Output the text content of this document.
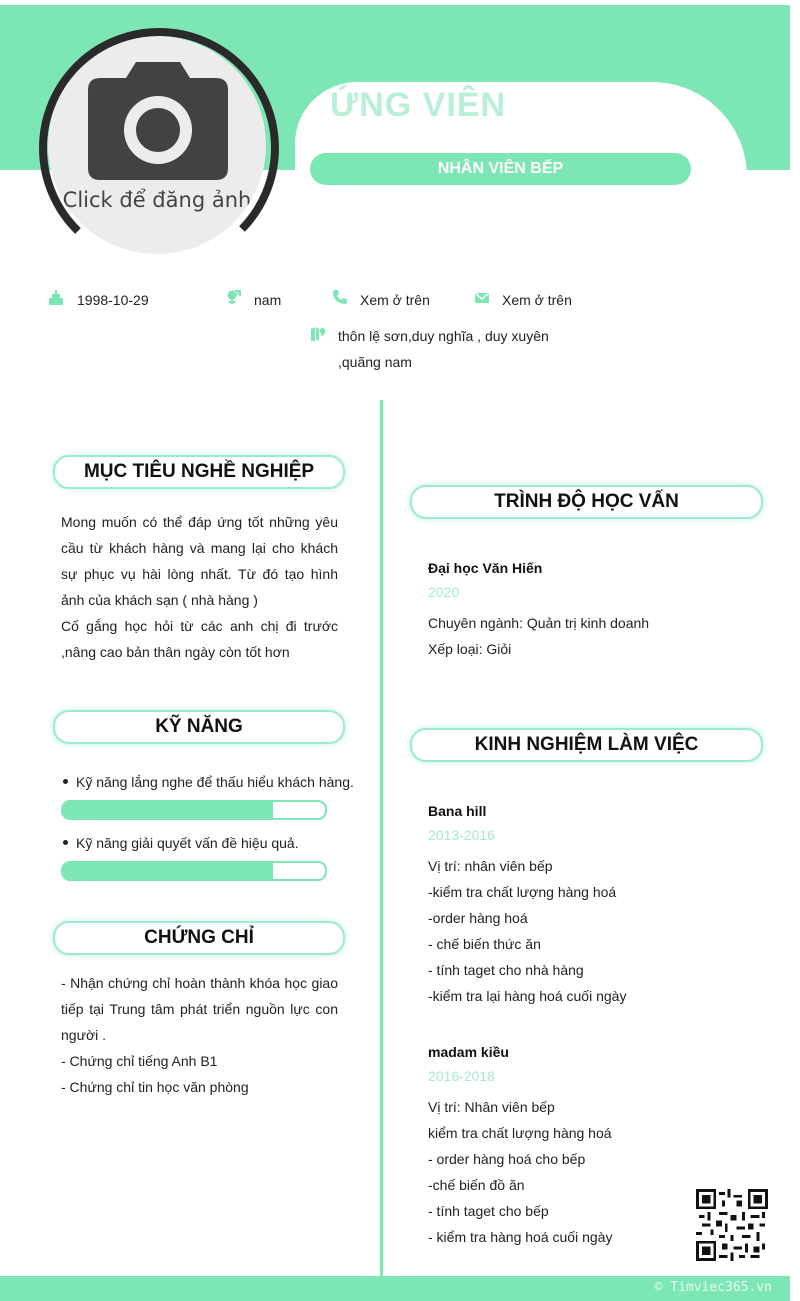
Click để đăng ảnh
ỨNG VIÊN
NHÂN VIÊN BẾP
1998-10-29	nam	Xem ở trên	Xem ở trên
thôn lệ sơn,duy nghĩa , duy xuyên
,quãng nam
MỤC TIÊU NGHỀ NGHIỆP

Mong muốn có thể đáp ứng tốt những yêu cầu từ khách hàng và mang lại cho khách sự phục vụ hài lòng nhất. Từ đó tạo hình ảnh của khách sạn ( nhà hàng )

Cố gắng học hỏi từ các anh chị đi trước ,nâng cao bản thân ngày còn tốt hơn

KỸ NĂNG
Kỹ năng lắng nghe để thấu hiểu khách hàng.
Kỹ năng giải quyết vấn đề hiệu quả.
CHỨNG CHỈ

- Nhận chứng chỉ hoàn thành khóa học giao tiếp tại Trung tâm phát triển nguồn lực con người .

- Chứng chỉ tiếng Anh B1

- Chứng chỉ tin học văn phòng

TRÌNH ĐỘ HỌC VẤN
Đại học Văn Hiến
2020

Chuyên ngành: Quản trị kinh doanh

Xếp loại: Giỏi

KINH NGHIỆM LÀM VIỆC
Bana hill
2013-2016

Vị trí: nhân viên bếp

-kiểm tra chất lượng hàng hoá

-order hàng hoá

- chế biến thức ăn

- tính taget cho nhà hàng

-kiểm tra lại hàng hoá cuối ngày

madam kiều
2016-2018

Vị trí: Nhân viên bếp

kiểm tra chất lượng hàng hoá

- order hàng hoá cho bếp

-chế biến đồ ăn

- tính taget cho bếp

- kiểm tra hàng hoá cuối ngày

© Timviec365.vn
